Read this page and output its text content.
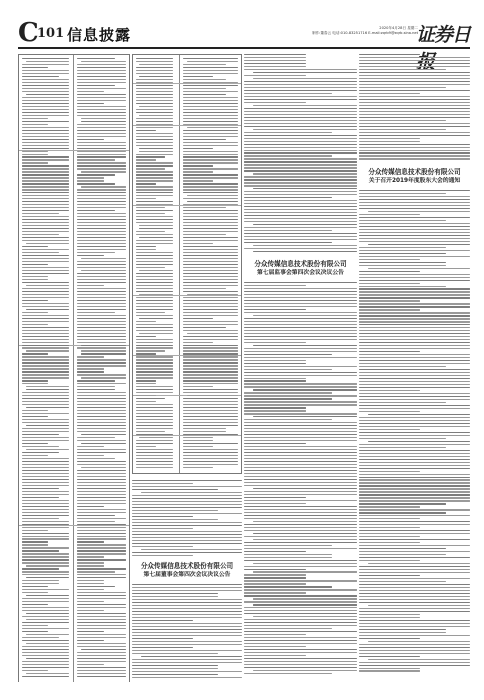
C
101 信息披露	2020年4月28日 星期二
制作:董春云 电话:010-83251716 E-mail:zqrb9@zqrb.sina.net
证券日
分众传媒信息技术股份有限公司
第七届董事会第四次会议决议公告
分众传媒信息技术股份有限公司
第七届监事会第四次会议决议公告
分众传媒信息技术股份有限公司
关于召开2019年度股东大会的通知
